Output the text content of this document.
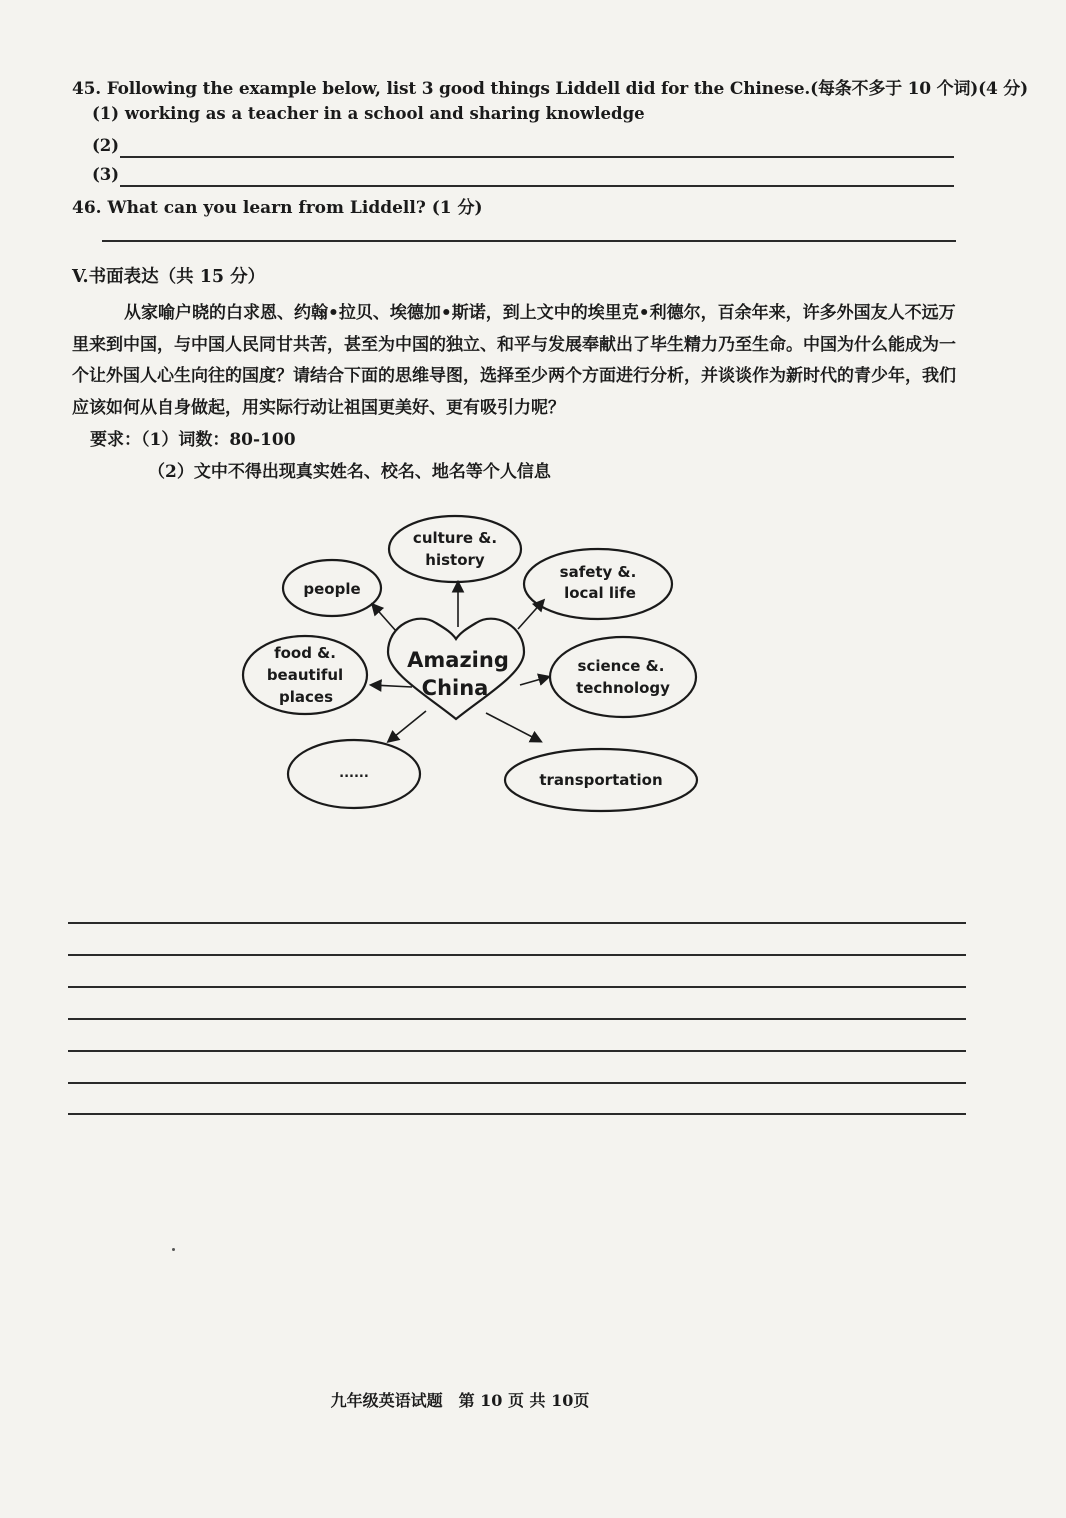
45. Following the example below, list 3 good things Liddell did for the Chinese.(每条不多于 10 个词)(4 分)
(1) working as a teacher in a school and sharing knowledge
(2)
(3)
46. What can you learn from Liddell? (1 分)
V.书面表达（共 15 分）
从家喻户晓的白求恩、约翰•拉贝、埃德加•斯诺，到上文中的埃里克•利德尔，百余年来，许多外国友人不远万里来到中国，与中国人民同甘共苦，甚至为中国的独立、和平与发展奉献出了毕生精力乃至生命。中国为什么能成为一个让外国人心生向往的国度？请结合下面的思维导图，选择至少两个方面进行分析，并谈谈作为新时代的青少年，我们应该如何从自身做起，用实际行动让祖国更美好、更有吸引力呢？
要求：（1）词数：80-100
（2）文中不得出现真实姓名、校名、地名等个人信息
Amazing
China
culture &.
history
people
safety &.
local life
food &.
beautiful
places
science &.
technology
......	transportation
九年级英语试题　第 10 页 共 10页
